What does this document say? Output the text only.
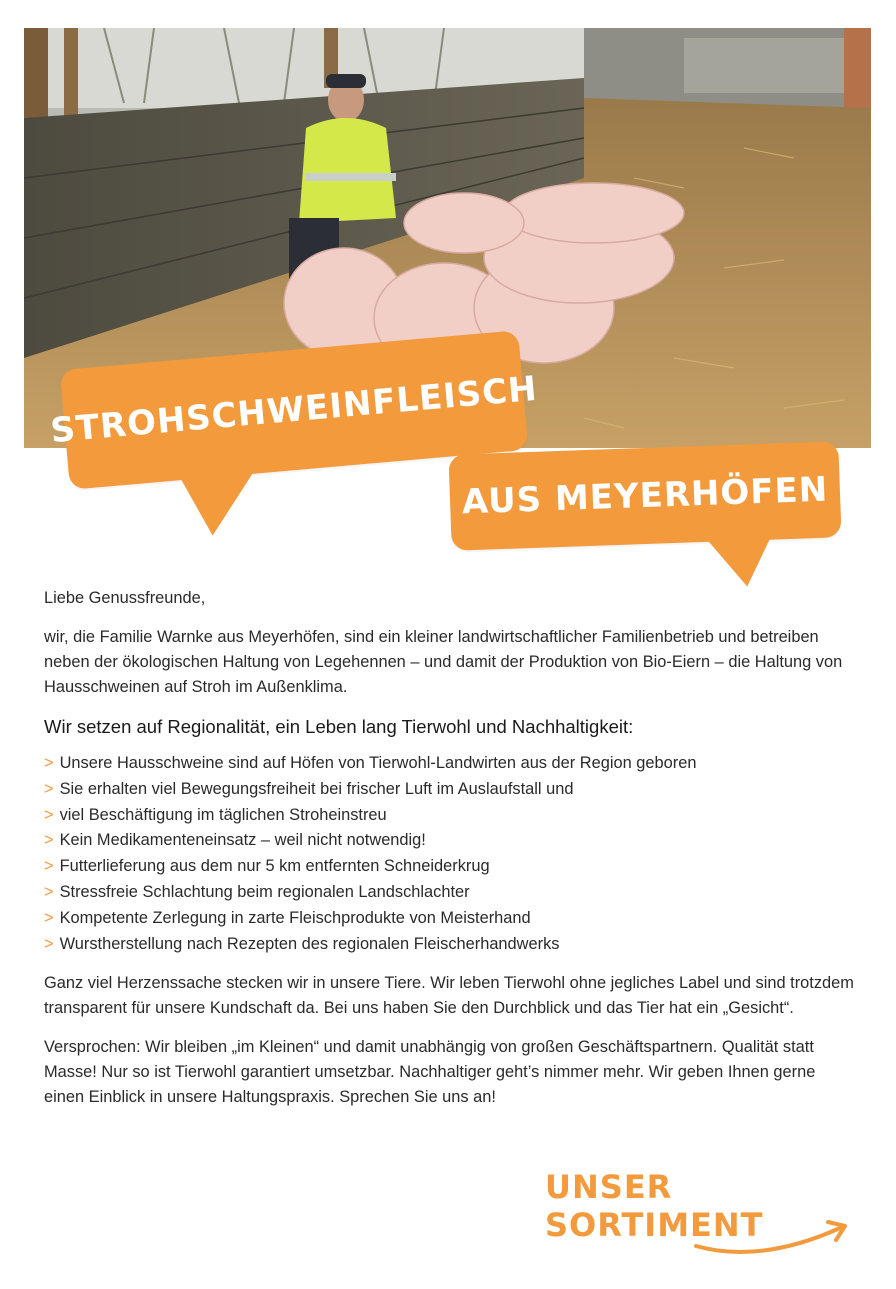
STROHSCHWEINFLEISCH
AUS MEYERHÖFEN

Liebe Genussfreunde,

wir, die Familie Warnke aus Meyerhöfen, sind ein kleiner landwirtschaftlicher Familienbetrieb und betreiben neben der ökologischen Haltung von Legehennen – und damit der Produktion von Bio-Eiern – die Haltung von Hausschweinen auf Stroh im Außenklima.

Wir setzen auf Regionalität, ein Leben lang Tierwohl und Nachhaltigkeit:
> Unsere Hausschweine sind auf Höfen von Tierwohl-Landwirten aus der Region geboren
> Sie erhalten viel Bewegungsfreiheit bei frischer Luft im Auslaufstall und
> viel Beschäftigung im täglichen Stroheinstreu
> Kein Medikamenteneinsatz – weil nicht notwendig!
> Futterlieferung aus dem nur 5 km entfernten Schneiderkrug
> Stressfreie Schlachtung beim regionalen Landschlachter
> Kompetente Zerlegung in zarte Fleischprodukte von Meisterhand
> Wurstherstellung nach Rezepten des regionalen Fleischerhandwerks

Ganz viel Herzenssache stecken wir in unsere Tiere. Wir leben Tierwohl ohne jegliches Label und sind trotzdem transparent für unsere Kundschaft da. Bei uns haben Sie den Durchblick und das Tier hat ein „Gesicht“.

Versprochen: Wir bleiben „im Kleinen“ und damit unabhängig von großen Geschäftspartnern. Qualität statt Masse! Nur so ist Tierwohl garantiert umsetzbar. Nachhaltiger geht’s nimmer mehr. Wir geben Ihnen gerne einen Einblick in unsere Haltungspraxis. Sprechen Sie uns an!

UNSER SORTIMENT
